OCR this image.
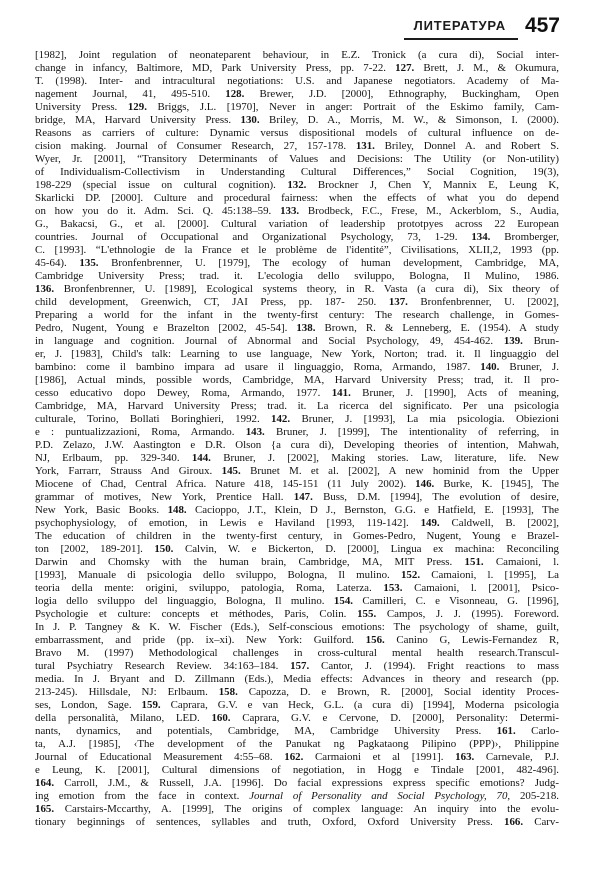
ЛИТЕРАТУРА 457
[1982], Joint regulation of neonateparent behaviour, in E.Z. Tronick (a cura di), Social inter-
change in infancy, Baltimore, MD, Park University Press, pp. 7-22. 127. Brett, J. M., & Okumura,
T. (1998). Inter- and intracultural negotiations: U.S. and Japanese negotiators. Academy of Ma-
nagement Journal, 41, 495-510. 128. Brewer, J.D. [2000], Ethnography, Buckingham, Open
University Press. 129. Briggs, J.L. [1970], Never in anger: Portrait of the Eskimo family, Cam-
bridge, MA, Harvard University Press. 130. Briley, D. A., Morris, M. W., & Simonson, I. (2000).
Reasons as carriers of culture: Dynamic versus dispositional models of cultural influence on de-
cision making. Journal of Consumer Research, 27, 157-178. 131. Briley, Donnel A. and Robert S.
Wyer, Jr. [2001], “Transitory Determinants of Values and Decisions: The Utility (or Non-utility)
of Individualism-Collectivism in Understanding Cultural Differences,” Social Cognition, 19(3),
198-229 (special issue on cultural cognition). 132. Brockner J, Chen Y, Mannix E, Leung K,
Skarlicki DP. [2000]. Culture and procedural fairness: when the effects of what you do depend
on how you do it. Adm. Sci. Q. 45:138–59. 133. Brodbeck, F.C., Frese, M., Ackerblom, S., Audia,
G., Bakacsi, G., et al. [2000]. Cultural variation of leadership prototpyes across 22 European
countries. Journal of Occupational and Organizational Psychology, 73, 1-29. 134. Bromberger,
C. [1993]. “L'ethnologie de la France et le problème de l'identité”, Civilisations, XLII,2, 1993 (pp.
45-64). 135. Bronfenbrenner, U. [1979], The ecology of human development, Cambridge, MA,
Cambridge University Press; trad. it. L'ecologia dello sviluppo, Bologna, Il Mulino, 1986.
136. Bronfenbrenner, U. [1989], Ecological systems theory, in R. Vasta (a cura di), Six theory of
child development, Greenwich, CT, JAI Press, pp. 187- 250. 137. Bronfenbrenner, U. [2002],
Preparing a world for the infant in the twenty-first century: The research challenge, in Gomes-
Pedro, Nugent, Young e Brazelton [2002, 45-54]. 138. Brown, R. & Lenneberg, E. (1954). A study
in language and cognition. Journal of Abnormal and Social Psychology, 49, 454-462. 139. Brun-
er, J. [1983], Child's talk: Learning to use language, New York, Norton; trad. it. Il linguaggio del
bambino: come il bambino impara ad usare il linguaggio, Roma, Armando, 1987. 140. Bruner, J.
[1986], Actual minds, possible words, Cambridge, MA, Harvard University Press; trad, it. Il pro-
cesso educativo dopo Dewey, Roma, Armando, 1977. 141. Bruner, J. [1990], Acts of meaning,
Cambridge, MA, Harvard University Press; trad. it. La ricerca del significato. Per una psicologia
culturale, Torino, Bollati Boringhieri, 1992. 142. Bruner, J. [1993], La mia psicologia. Obiezioni
e : puntualizzazioni, Roma, Armando. 143. Bruner, J. [1999], The intentionality of referring, in
P.D. Zelazo, J.W. Aastington e D.R. Olson {a cura di), Developing theories of intention, Mahwah,
NJ, Erlbaum, pp. 329-340. 144. Bruner, J. [2002], Making stories. Law, literature, life. New
York, Farrarr, Strauss And Giroux. 145. Brunet M. et al. [2002], A new hominid from the Upper
Miocene of Chad, Central Africa. Nature 418, 145-151 (11 July 2002). 146. Burke, K. [1945], The
grammar of motives, New York, Prentice Hall. 147. Buss, D.M. [1994], The evolution of desire,
New York, Basic Books. 148. Cacioppo, J.T., Klein, D J., Bernston, G.G. e Hatfield, E. [1993], The
psychophysiology, of emotion, in Lewis e Haviland [1993, 119-142]. 149. Caldwell, B. [2002],
The education of children in the twenty-first century, in Gomes-Pedro, Nugent, Young e Brazel-
ton [2002, 189-201]. 150. Calvin, W. e Bickerton, D. [2000], Lingua ex machina: Reconciling
Darwin and Chomsky with the human brain, Cambridge, MA, MIT Press. 151. Camaioni, l.
[1993], Manuale di psicologia dello sviluppo, Bologna, Il mulino. 152. Camaioni, l. [1995], La
teoria della mente: origini, sviluppo, patologia, Roma, Laterza. 153. Camaioni, l. [2001], Psico-
logia dello sviluppo del linguaggio, Bologna, Il mulino. 154. Camilleri, C. e Visonneau, G. [1996],
Psychologie et culture: concepts et méthodes, Paris, Colin. 155. Campos, J. J. (1995). Foreword.
In J. P. Tangney & K. W. Fischer (Eds.), Self-conscious emotions: The psychology of shame, guilt,
embarrassment, and pride (pp. ix–xi). New York: Guilford. 156. Canino G, Lewis-Fernandez R,
Bravo M. (1997) Methodological challenges in cross-cultural mental health research.Transcul-
tural Psychiatry Research Review. 34:163–184. 157. Cantor, J. (1994). Fright reactions to mass
media. In J. Bryant and D. Zillmann (Eds.), Media effects: Advances in theory and research (pp.
213-245). Hillsdale, NJ: Erlbaum. 158. Capozza, D. e Brown, R. [2000], Social identity Proces-
ses, London, Sage. 159. Caprara, G.V. e van Heck, G.L. (a cura di) [1994], Moderna psicologia
della personalità, Milano, LED. 160. Caprara, G.V. e Cervone, D. [2000], Personality: Determi-
nants, dynamics, and potentials, Cambridge, MA, Cambridge Uhiversity Press. 161. Carlo-
ta, A.J. [1985], ‹The development of the Panukat ng Pagkataong Pilipino (PPP)›, Philippine
Journal of Educational Measurement 4:55–68. 162. Carmaioni et al [1991]. 163. Carnevale, P.J.
e Leung, K. [2001], Cultural dimensions of negotiation, in Hogg e Tindale [2001, 482-496].
164. Carroll, J.M., & Russell, J.A. [1996]. Do facial expressions express specific emotions? Judg-
ing emotion from the face in context. Journal of Personality and Social Psychology, 70, 205-218.
165. Carstairs-Mccarthy, A. [1999], The origins of complex language: An inquiry into the evolu-
tionary beginnings of sentences, syllables and truth, Oxford, Oxford University Press. 166. Carv-
